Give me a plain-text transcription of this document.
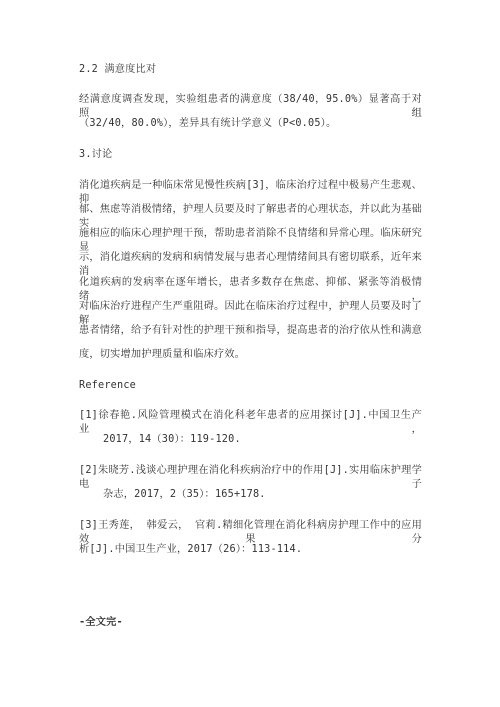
2.2 满意度比对
经满意度调查发现，实验组患者的满意度（38/40，95.0%）显著高于对照组
（32/40，80.0%），差异具有统计学意义（P<0.05）。
3.讨论
消化道疾病是一种临床常见慢性疾病[3]，临床治疗过程中极易产生悲观、抑
郁、焦虑等消极情绪，护理人员要及时了解患者的心理状态，并以此为基础实
施相应的临床心理护理干预，帮助患者消除不良情绪和异常心理。临床研究显
示，消化道疾病的发病和病情发展与患者心理情绪间具有密切联系，近年来消
化道疾病的发病率在逐年增长，患者多数存在焦虑、抑郁、紧张等消极情绪，
对临床治疗进程产生严重阻碍。因此在临床治疗过程中，护理人员要及时了解
患者情绪，给予有针对性的护理干预和指导，提高患者的治疗依从性和满意
度，切实增加护理质量和临床疗效。
Reference
[1]徐春艳.风险管理模式在消化科老年患者的应用探讨[J].中国卫生产业，
2017，14（30）：119-120.
[2]朱晓芳.浅谈心理护理在消化科疾病治疗中的作用[J].实用临床护理学电子
杂志，2017，2（35）：165+178.
[3]王秀莲， 韩爱云， 官莉.精细化管理在消化科病房护理工作中的应用效果分
析[J].中国卫生产业，2017（26）：113-114.
-全文完-
